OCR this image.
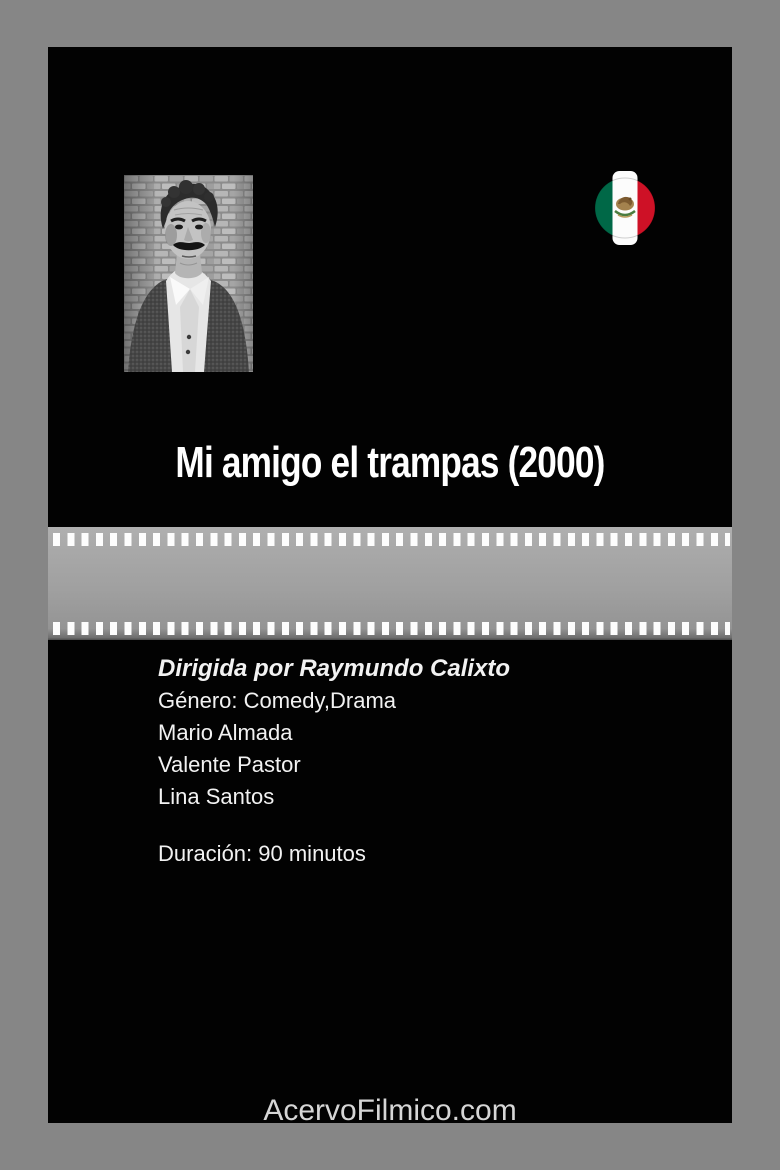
Mi amigo el trampas (2000)
Dirigida por Raymundo Calixto
Género: Comedy,Drama
Mario Almada
Valente Pastor
Lina Santos
Duración: 90 minutos
AcervoFilmico.com
